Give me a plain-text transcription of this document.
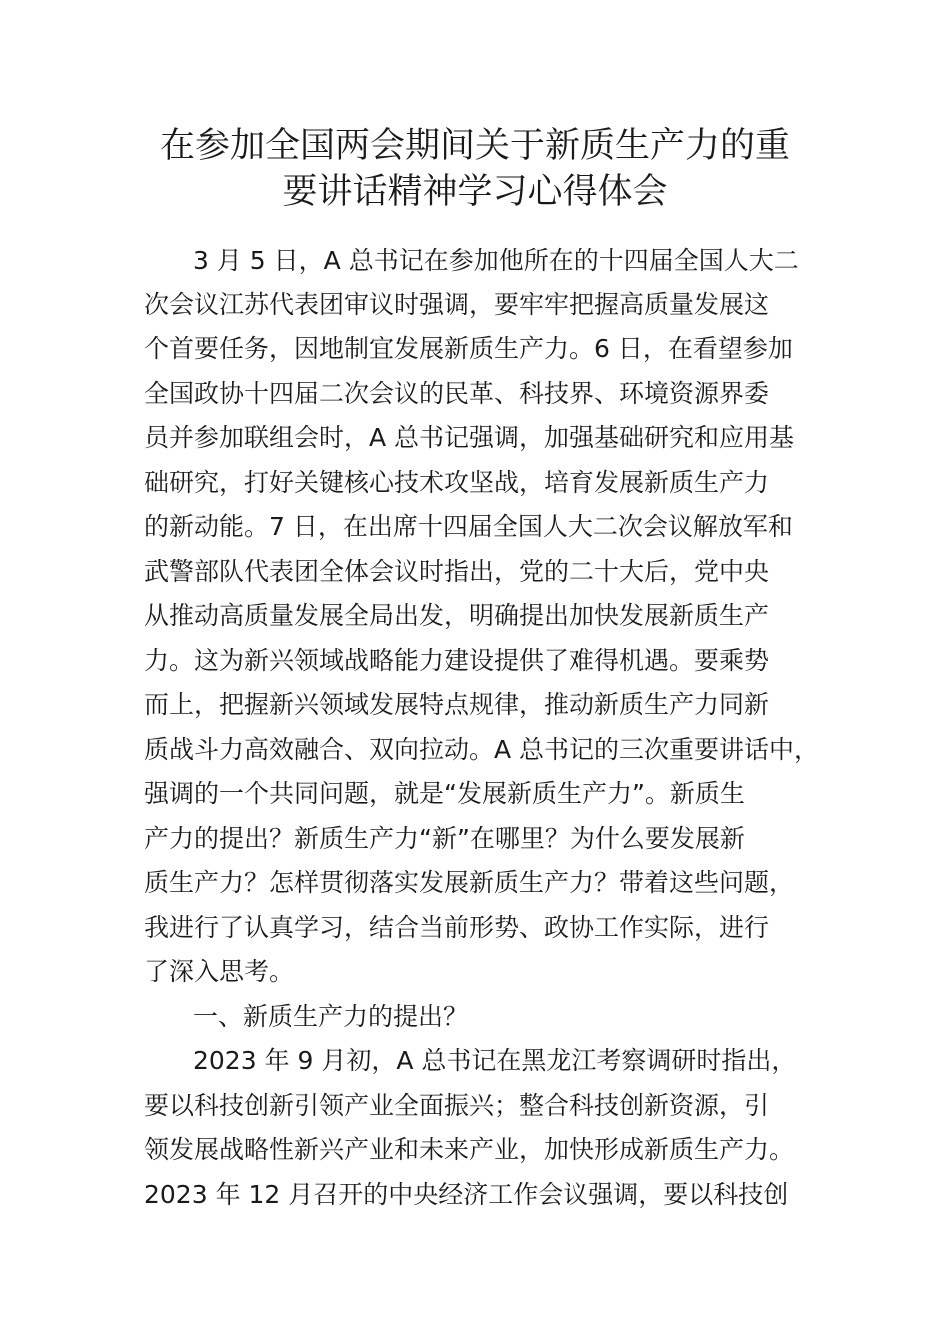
在参加全国两会期间关于新质生产力的重
要讲话精神学习心得体会

3 月 5 日，A 总书记在参加他所在的十四届全国人大二

次会议江苏代表团审议时强调，要牢牢把握高质量发展这

个首要任务，因地制宜发展新质生产力。6 日，在看望参加

全国政协十四届二次会议的民革、科技界、环境资源界委

员并参加联组会时，A 总书记强调，加强基础研究和应用基

础研究，打好关键核心技术攻坚战，培育发展新质生产力

的新动能。7 日，在出席十四届全国人大二次会议解放军和

武警部队代表团全体会议时指出，党的二十大后，党中央

从推动高质量发展全局出发，明确提出加快发展新质生产

力。这为新兴领域战略能力建设提供了难得机遇。要乘势

而上，把握新兴领域发展特点规律，推动新质生产力同新

质战斗力高效融合、双向拉动。A 总书记的三次重要讲话中，

强调的一个共同问题，就是“发展新质生产力”。新质生

产力的提出？新质生产力“新”在哪里？为什么要发展新

质生产力？怎样贯彻落实发展新质生产力？带着这些问题，

我进行了认真学习，结合当前形势、政协工作实际，进行

了深入思考。

一、新质生产力的提出？

2023 年 9 月初，A 总书记在黑龙江考察调研时指出，

要以科技创新引领产业全面振兴；整合科技创新资源，引

领发展战略性新兴产业和未来产业，加快形成新质生产力。

2023 年 12 月召开的中央经济工作会议强调，要以科技创
